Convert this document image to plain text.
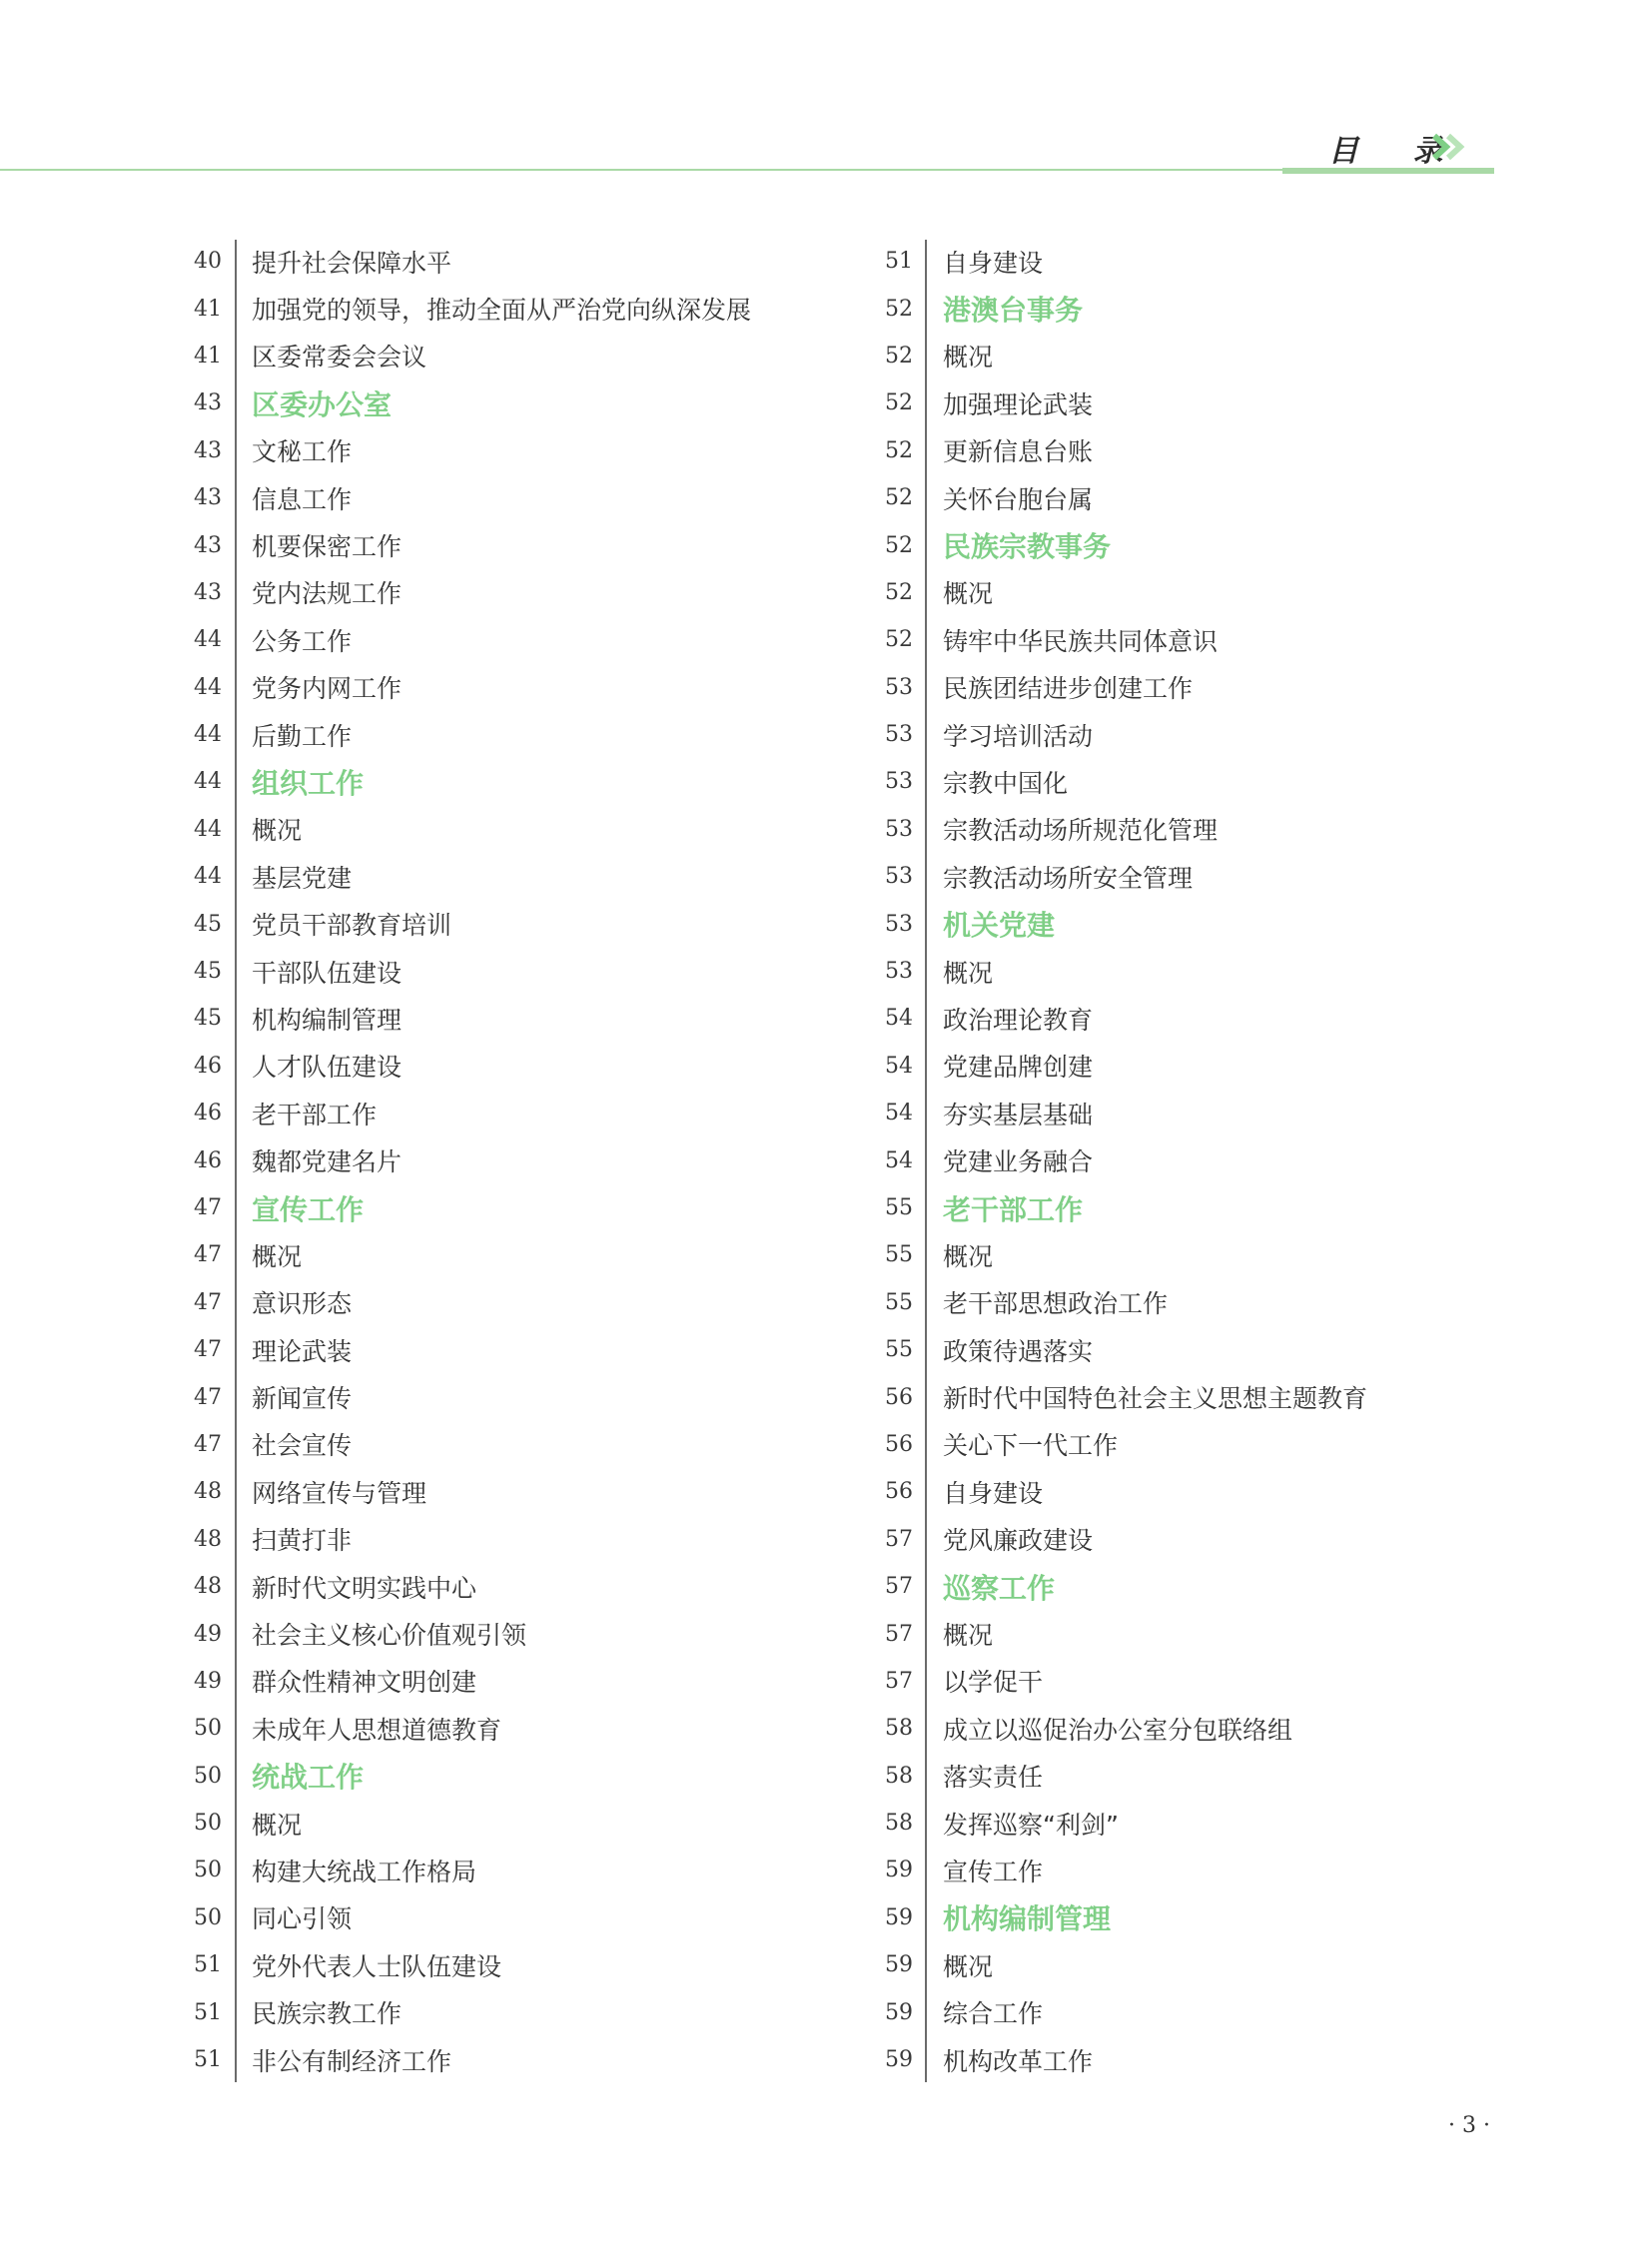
目 录
40 提升社会保障水平
41 加强党的领导，推动全面从严治党向纵深发展
41 区委常委会会议
43 区委办公室
43 文秘工作
43 信息工作
43 机要保密工作
43 党内法规工作
44 公务工作
44 党务内网工作
44 后勤工作
44 组织工作
44 概况
44 基层党建
45 党员干部教育培训
45 干部队伍建设
45 机构编制管理
46 人才队伍建设
46 老干部工作
46 魏都党建名片
47 宣传工作
47 概况
47 意识形态
47 理论武装
47 新闻宣传
47 社会宣传
48 网络宣传与管理
48 扫黄打非
48 新时代文明实践中心
49 社会主义核心价值观引领
49 群众性精神文明创建
50 未成年人思想道德教育
50 统战工作
50 概况
50 构建大统战工作格局
50 同心引领
51 党外代表人士队伍建设
51 民族宗教工作
51 非公有制经济工作
51 自身建设
52 港澳台事务
52 概况
52 加强理论武装
52 更新信息台账
52 关怀台胞台属
52 民族宗教事务
52 概况
52 铸牢中华民族共同体意识
53 民族团结进步创建工作
53 学习培训活动
53 宗教中国化
53 宗教活动场所规范化管理
53 宗教活动场所安全管理
53 机关党建
53 概况
54 政治理论教育
54 党建品牌创建
54 夯实基层基础
54 党建业务融合
55 老干部工作
55 概况
55 老干部思想政治工作
55 政策待遇落实
56 新时代中国特色社会主义思想主题教育
56 关心下一代工作
56 自身建设
57 党风廉政建设
57 巡察工作
57 概况
57 以学促干
58 成立以巡促治办公室分包联络组
58 落实责任
58 发挥巡察“利剑”
59 宣传工作
59 机构编制管理
59 概况
59 综合工作
59 机构改革工作
· 3 ·
